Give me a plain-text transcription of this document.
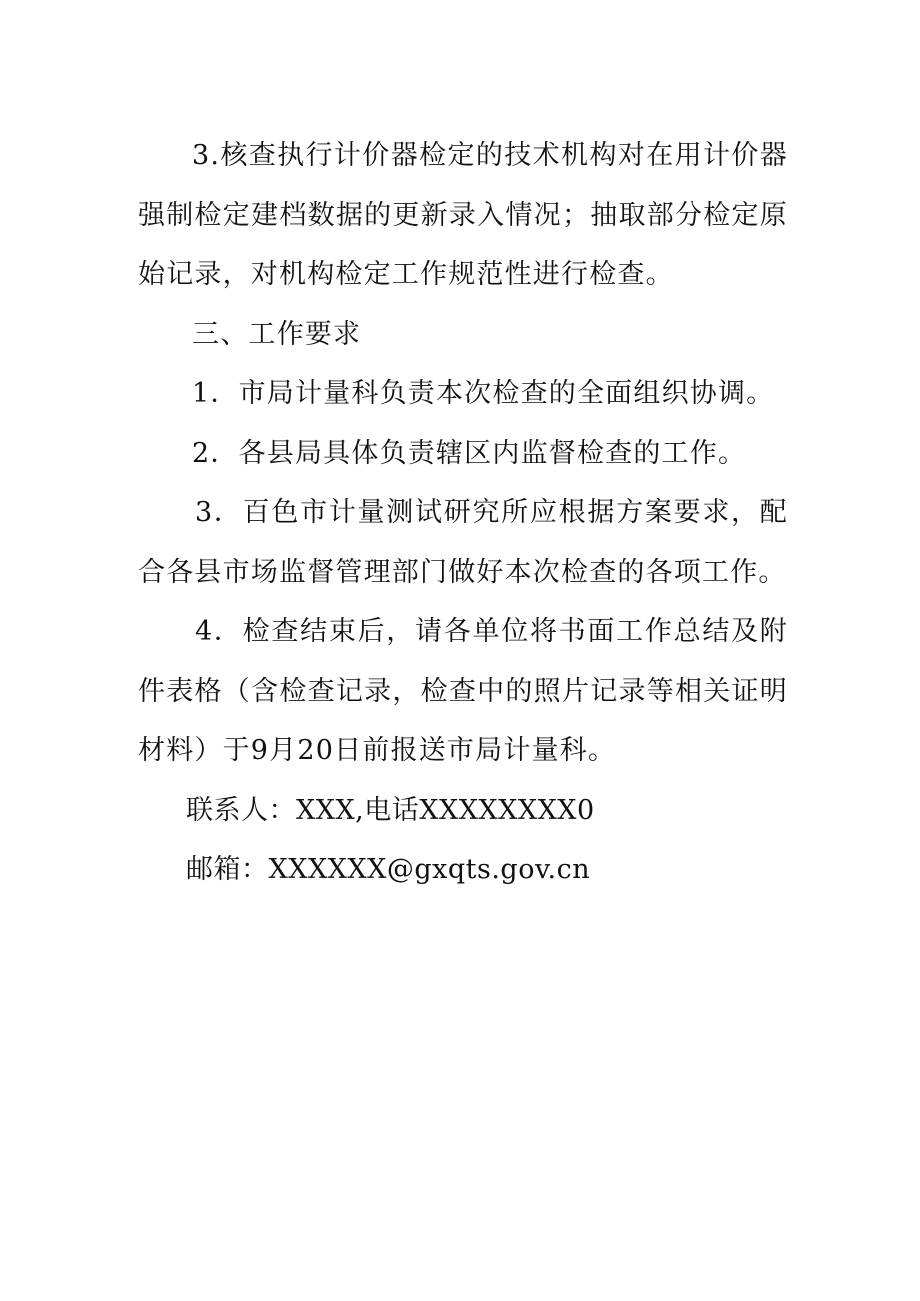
3.核查执行计价器检定的技术机构对在用计价器强制检定建档数据的更新录入情况；抽取部分检定原始记录，对机构检定工作规范性进行检查。

三、工作要求

1．市局计量科负责本次检查的全面组织协调。

2．各县局具体负责辖区内监督检查的工作。

3．百色市计量测试研究所应根据方案要求，配合各县市场监督管理部门做好本次检查的各项工作。

4．检查结束后，请各单位将书面工作总结及附件表格（含检查记录，检查中的照片记录等相关证明材料）于9月20日前报送市局计量科。

联系人：XXX,电话XXXXXXXX0

邮箱：XXXXXX@gxqts.gov.cn
